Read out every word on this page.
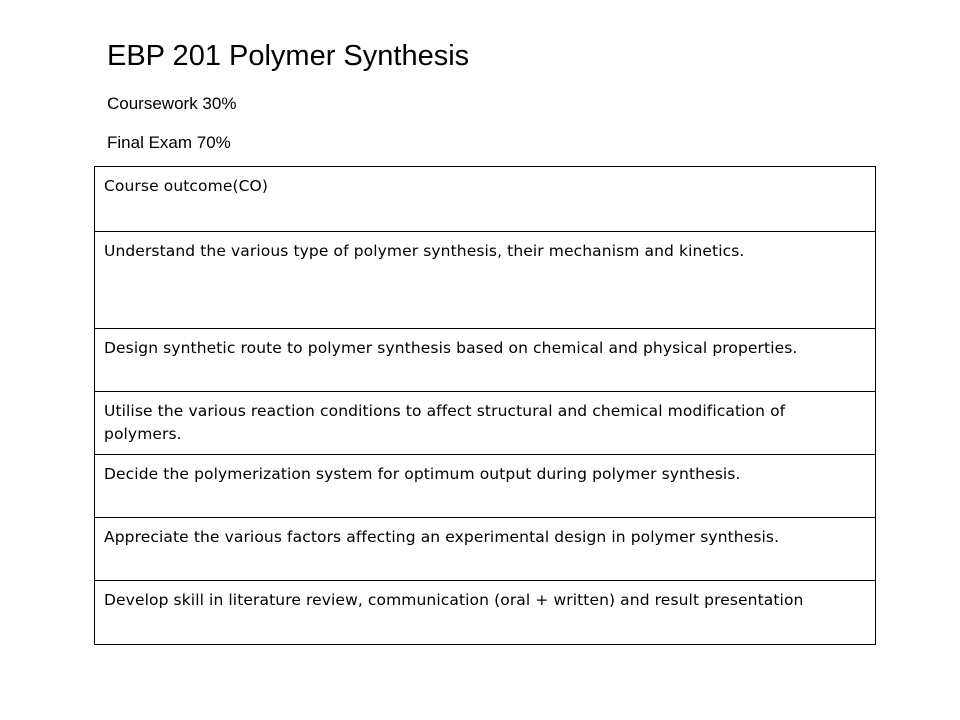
EBP 201 Polymer Synthesis
Coursework 30%
Final Exam 70%
Course outcome(CO)
Understand the various type of polymer synthesis, their mechanism and kinetics.
Design synthetic route to polymer synthesis based on chemical and physical properties.
Utilise the various reaction conditions to affect structural and chemical modification of polymers.
Decide the polymerization system for optimum output during polymer synthesis.
Appreciate the various factors affecting an experimental design in polymer synthesis.
Develop skill in literature review, communication (oral + written) and result presentation
